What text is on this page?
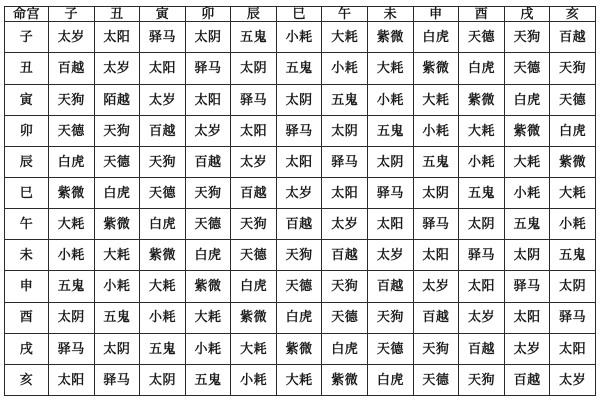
命宫	子	丑	寅	卯	辰	巳	午	未	申	酉	戌	亥
子	太岁	太阳	驿马	太阴	五鬼	小耗	大耗	紫微	白虎	天德	天狗	百越
丑	百越	太岁	太阳	驿马	太阴	五鬼	小耗	大耗	紫微	白虎	天德	天狗
寅	天狗	陌越	太岁	太阳	驿马	太阴	五鬼	小耗	大耗	紫微	白虎	天德
卯	天德	天狗	百越	太岁	太阳	驿马	太阴	五鬼	小耗	大耗	紫微	白虎
辰	白虎	天德	天狗	百越	太岁	太阳	驿马	太阴	五鬼	小耗	大耗	紫微
巳	紫微	白虎	天德	天狗	百越	太岁	太阳	驿马	太阴	五鬼	小耗	大耗
午	大耗	紫微	白虎	天德	天狗	百越	太岁	太阳	驿马	太阴	五鬼	小耗
未	小耗	大耗	紫微	白虎	天德	天狗	百越	太岁	太阳	驿马	太阴	五鬼
申	五鬼	小耗	大耗	紫微	白虎	天德	天狗	百越	太岁	太阳	驿马	太阴
酉	太阴	五鬼	小耗	大耗	紫微	白虎	天德	天狗	百越	太岁	太阳	驿马
戌	驿马	太阴	五鬼	小耗	大耗	紫微	白虎	天德	天狗	百越	太岁	太阳
亥	太阳	驿马	太阴	五鬼	小耗	大耗	紫微	白虎	天德	天狗	百越	太岁
